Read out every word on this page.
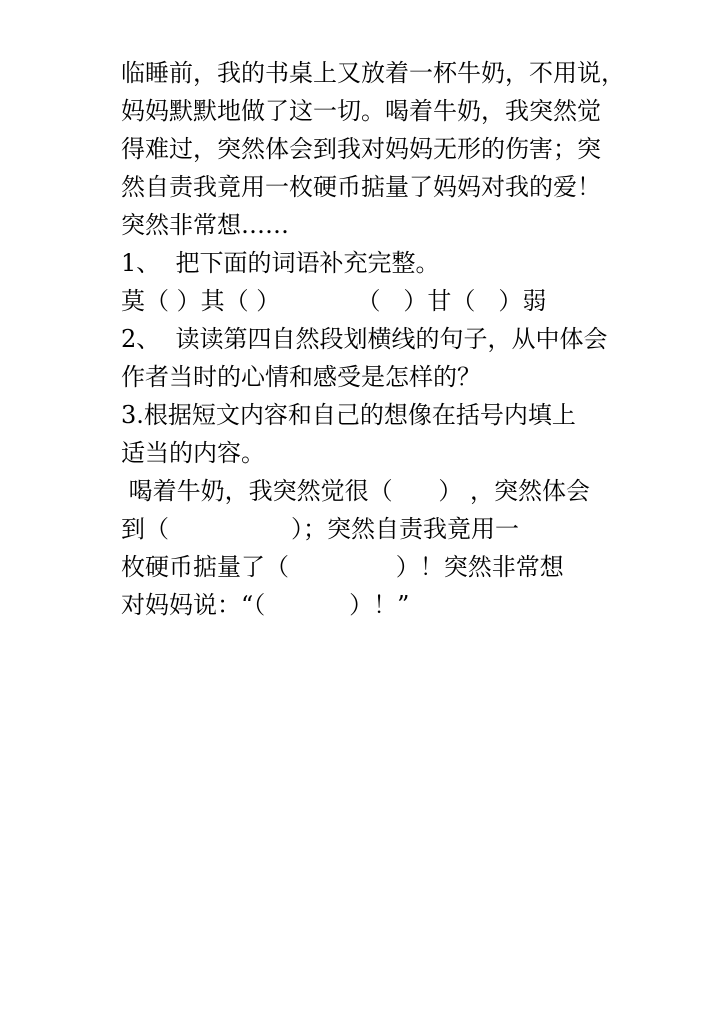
临睡前，我的书桌上又放着一杯牛奶，不用说，
妈妈默默地做了这一切。喝着牛奶，我突然觉
得难过，突然体会到我对妈妈无形的伤害；突
然自责我竟用一枚硬币掂量了妈妈对我的爱！
突然非常想……
1、  把下面的词语补充完整。
莫（ ）其（ ）          （   ）甘（   ）弱
2、  读读第四自然段划横线的句子，从中体会
作者当时的心情和感受是怎样的？
3.根据短文内容和自己的想像在括号内填上
适当的内容。
喝着牛奶，我突然觉很（      ） ，突然体会
到（                ）；突然自责我竟用一
枚硬币掂量了（              ）！突然非常想
对妈妈说：“（           ）！”
